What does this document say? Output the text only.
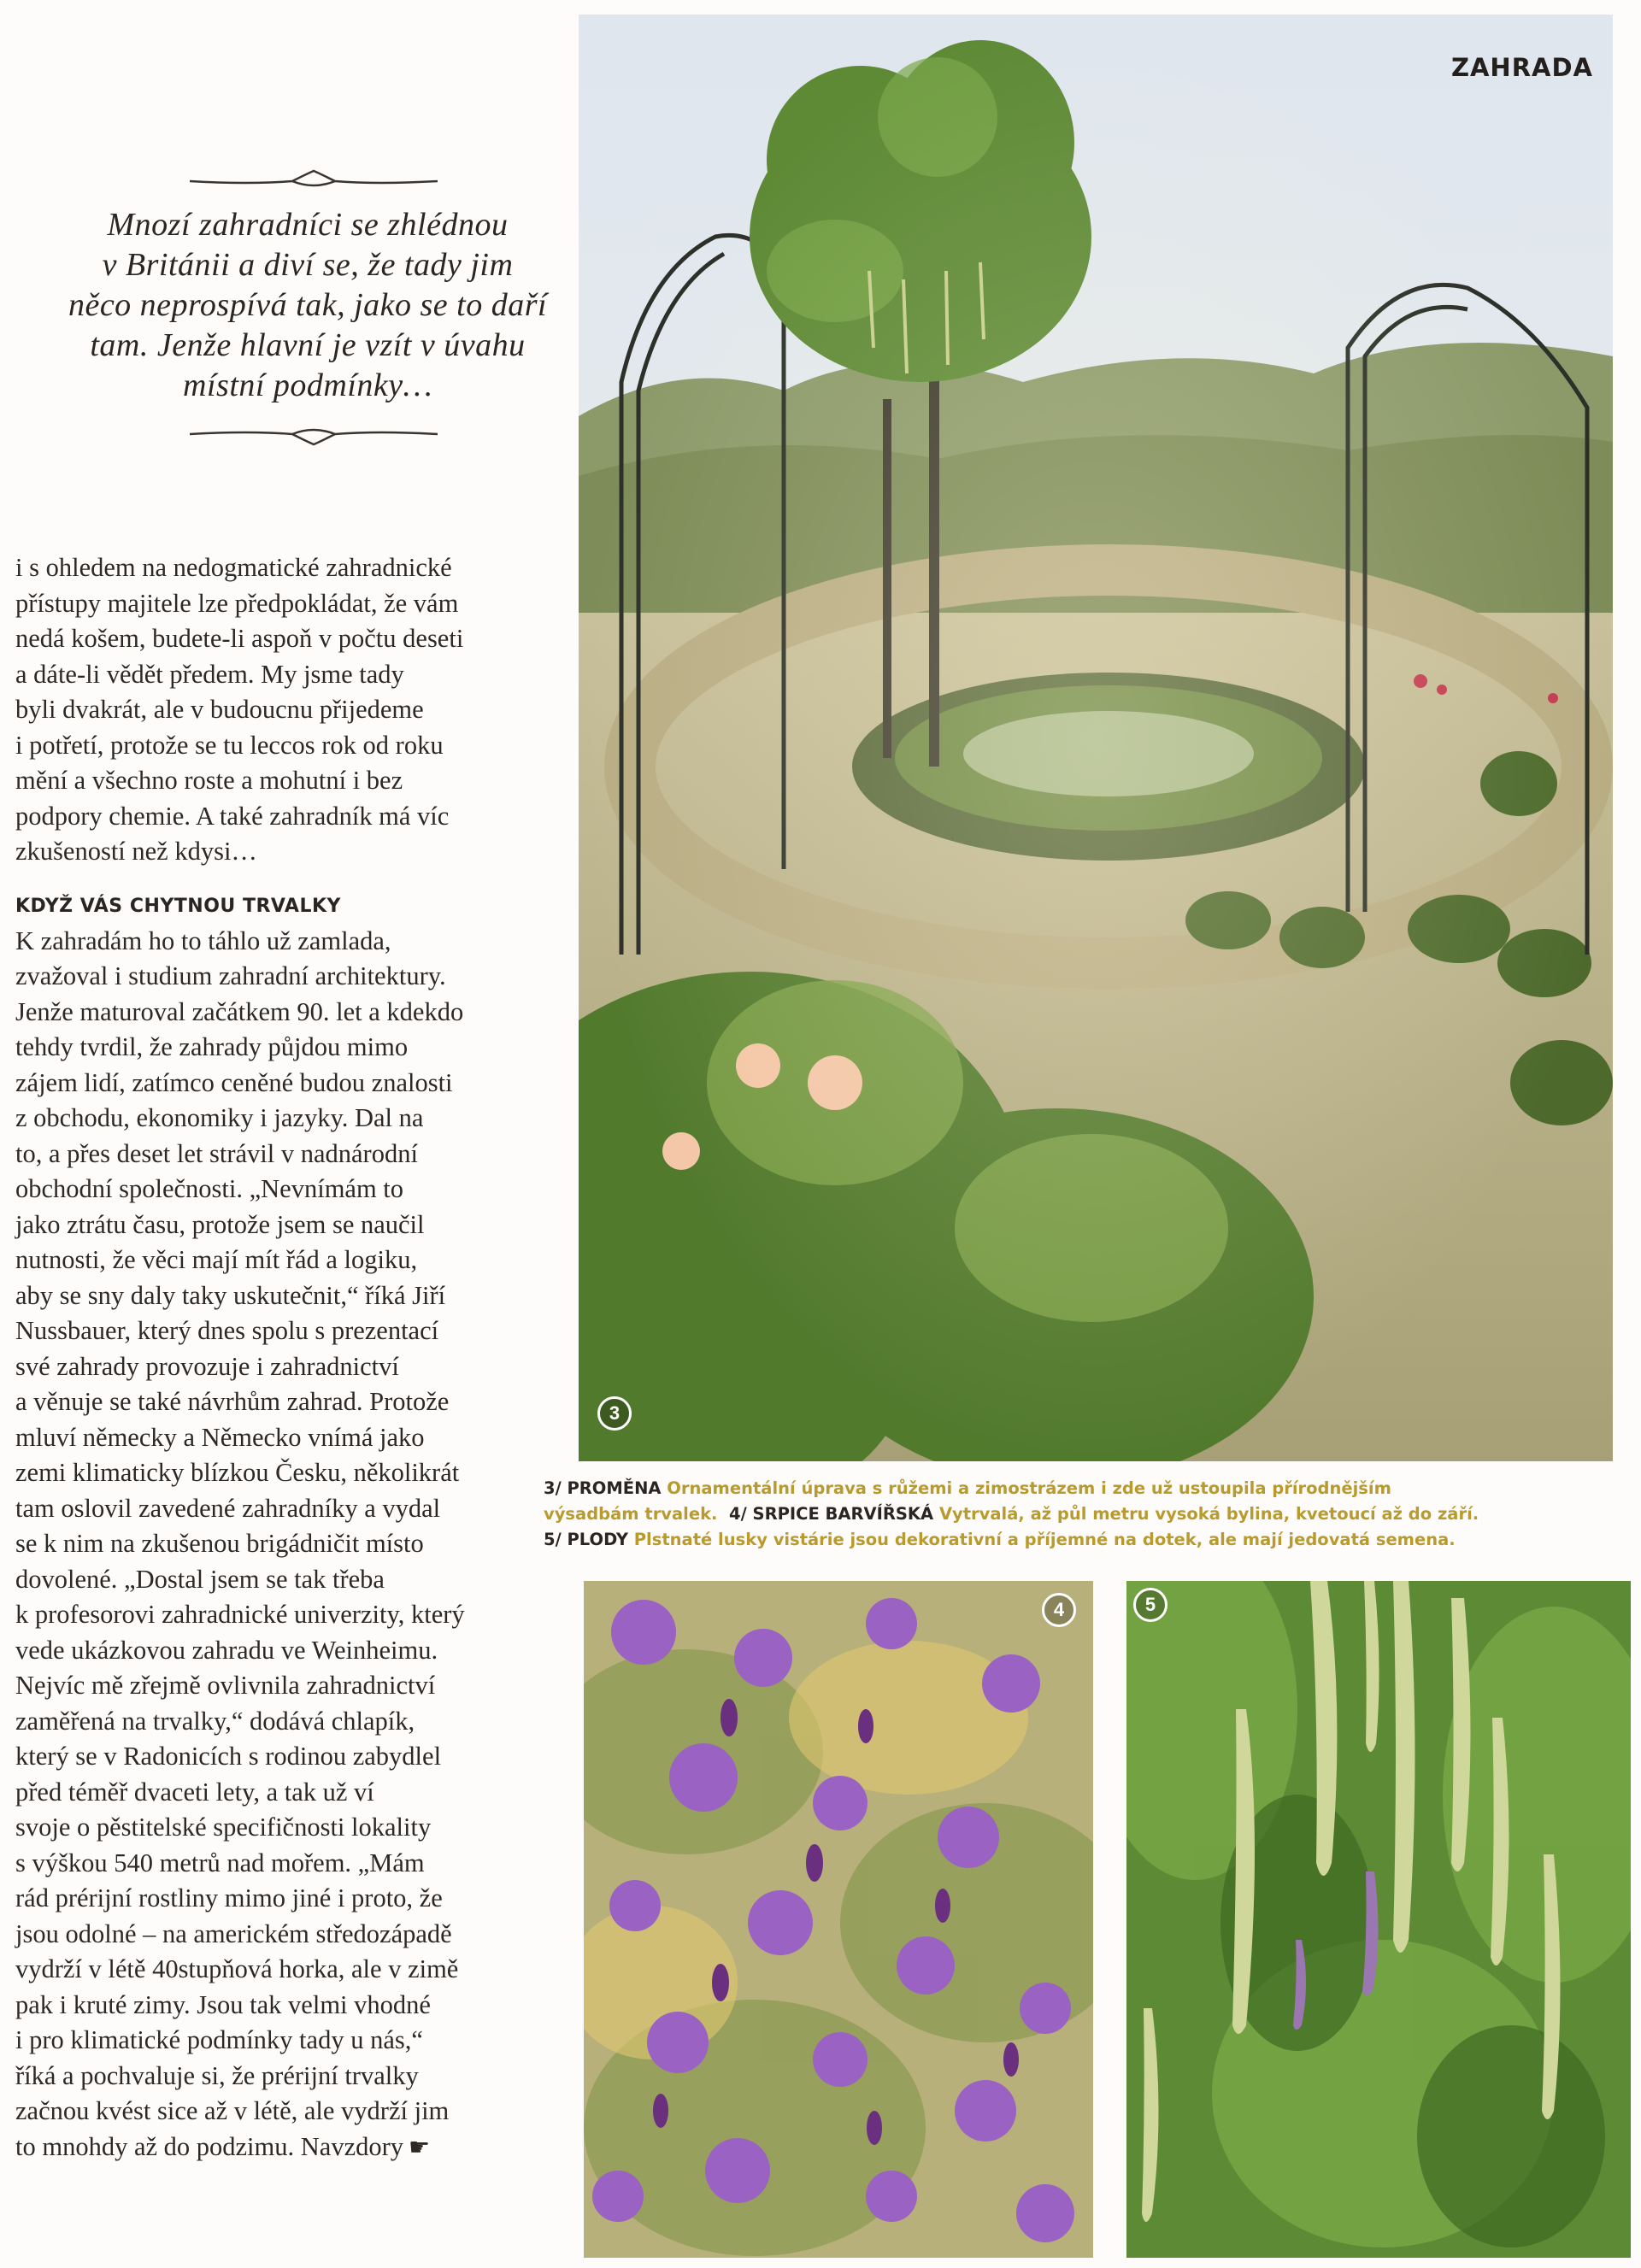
3
ZAHRADA
Mnozí zahradníci se zhlédnou
v Británii a diví se, že tady jim
něco neprospívá tak, jako se to daří
tam. Jenže hlavní je vzít v úvahu
místní podmínky…
i s ohledem na nedogmatické zahradnické
přístupy majitele lze předpokládat, že vám
nedá košem, budete-li aspoň v počtu deseti
a dáte-li vědět předem. My jsme tady
byli dvakrát, ale v budoucnu přijedeme
i potřetí, protože se tu leccos rok od roku
mění a všechno roste a mohutní i bez
podpory chemie. A také zahradník má víc
zkušeností než kdysi…
KDYŽ VÁS CHYTNOU TRVALKY
K zahradám ho to táhlo už zamlada,
zvažoval i studium zahradní architektury.
Jenže maturoval začátkem 90. let a kdekdo
tehdy tvrdil, že zahrady půjdou mimo
zájem lidí, zatímco ceněné budou znalosti
z obchodu, ekonomiky i jazyky. Dal na
to, a přes deset let strávil v nadnárodní
obchodní společnosti. „Nevnímám to
jako ztrátu času, protože jsem se naučil
nutnosti, že věci mají mít řád a logiku,
aby se sny daly taky uskutečnit,“ říká Jiří
Nussbauer, který dnes spolu s prezentací
své zahrady provozuje i zahradnictví
a věnuje se také návrhům zahrad. Protože
mluví německy a Německo vnímá jako
zemi klimaticky blízkou Česku, několikrát
tam oslovil zavedené zahradníky a vydal
se k nim na zkušenou brigádničit místo
dovolené. „Dostal jsem se tak třeba
k profesorovi zahradnické univerzity, který
vede ukázkovou zahradu ve Weinheimu.
Nejvíc mě zřejmě ovlivnila zahradnictví
zaměřená na trvalky,“ dodává chlapík,
který se v Radonicích s rodinou zabydlel
před téměř dvaceti lety, a tak už ví
svoje o pěstitelské specifičnosti lokality
s výškou 540 metrů nad mořem. „Mám
rád prérijní rostliny mimo jiné i proto, že
jsou odolné – na americkém středozápadě
vydrží v létě 40stupňová horka, ale v zimě
pak i kruté zimy. Jsou tak velmi vhodné
i pro klimatické podmínky tady u nás,“
říká a pochvaluje si, že prérijní trvalky
začnou kvést sice až v létě, ale vydrží jim
to mnohdy až do podzimu. Navzdory ☛
3/ PROMĚNA Ornamentální úprava s růžemi a zimostrázem i zde už ustoupila přírodnějším
výsadbám trvalek. 4/ SRPICE BARVÍŘSKÁ Vytrvalá, až půl metru vysoká bylina, kvetoucí až do září.
5/ PLODY Plstnaté lusky vistárie jsou dekorativní a příjemné na dotek, ale mají jedovatá semena.
4	5
